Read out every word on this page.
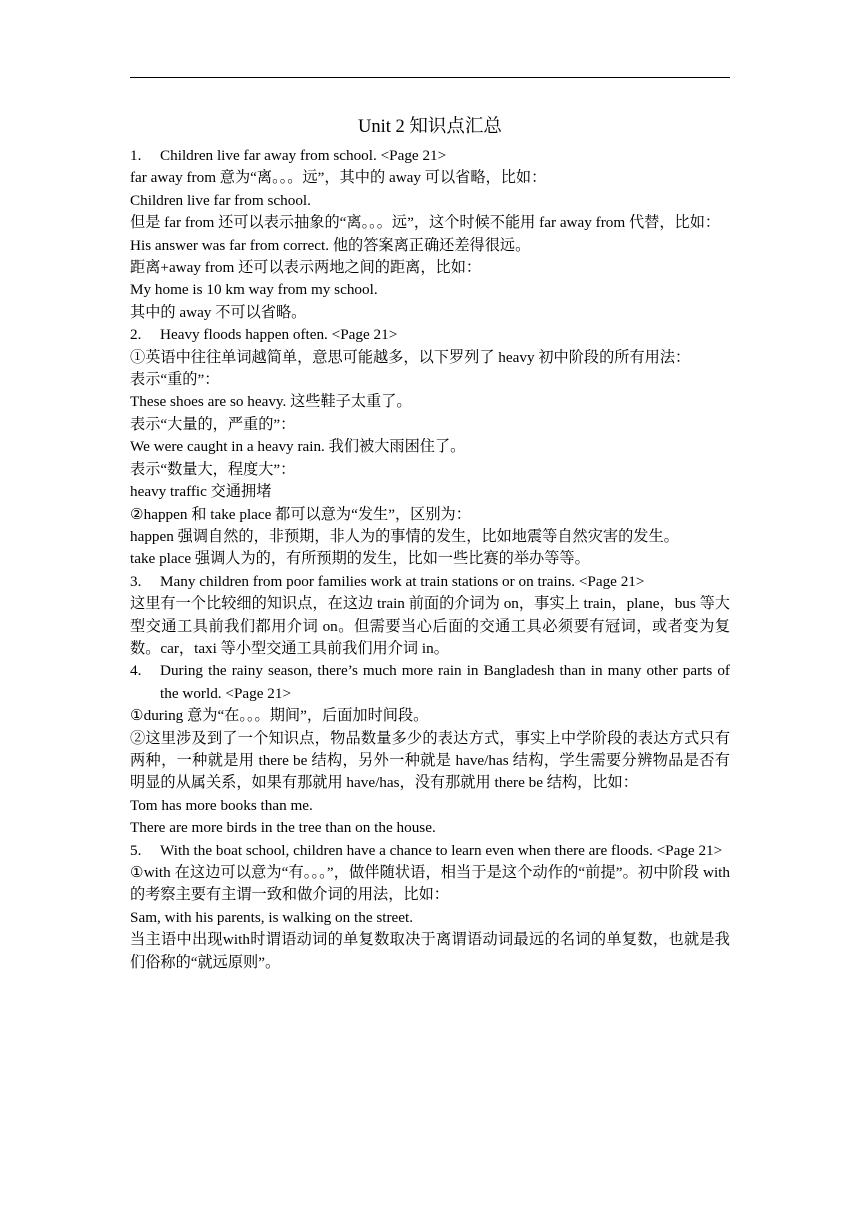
Unit 2 知识点汇总
1. Children live far away from school. <Page 21>

far away from 意为“离。。。远”，其中的 away 可以省略，比如：

Children live far from school.

但是 far from 还可以表示抽象的“离。。。远”，这个时候不能用 far away from 代替，比如：

His answer was far from correct. 他的答案离正确还差得很远。

距离+away from 还可以表示两地之间的距离，比如：

My home is 10 km way from my school.

其中的 away 不可以省略。

2. Heavy floods happen often. <Page 21>

①英语中往往单词越简单，意思可能越多，以下罗列了 heavy 初中阶段的所有用法：

表示“重的”：

These shoes are so heavy. 这些鞋子太重了。

表示“大量的，严重的”：

We were caught in a heavy rain. 我们被大雨困住了。

表示“数量大，程度大”：

heavy traffic 交通拥堵

②happen 和 take place 都可以意为“发生”，区别为：

happen 强调自然的，非预期，非人为的事情的发生，比如地震等自然灾害的发生。

take place 强调人为的，有所预期的发生，比如一些比赛的举办等等。

3. Many children from poor families work at train stations or on trains. <Page 21>

这里有一个比较细的知识点，在这边 train 前面的介词为 on，事实上 train，plane，bus 等大型交通工具前我们都用介词 on。但需要当心后面的交通工具必须要有冠词，或者变为复数。car，taxi 等小型交通工具前我们用介词 in。

4. During the rainy season, there’s much more rain in Bangladesh than in many other parts of the world. <Page 21>

①during 意为“在。。。期间”，后面加时间段。

②这里涉及到了一个知识点，物品数量多少的表达方式，事实上中学阶段的表达方式只有两种，一种就是用 there be 结构，另外一种就是 have/has 结构，学生需要分辨物品是否有明显的从属关系，如果有那就用 have/has，没有那就用 there be 结构，比如：

Tom has more books than me.

There are more birds in the tree than on the house.

5. With the boat school, children have a chance to learn even when there are floods. <Page 21>

①with 在这边可以意为“有。。。”，做伴随状语，相当于是这个动作的“前提”。初中阶段 with 的考察主要有主谓一致和做介词的用法，比如：

Sam, with his parents, is walking on the street.

当主语中出现with时谓语动词的单复数取决于离谓语动词最远的名词的单复数，也就是我们俗称的“就远原则”。
